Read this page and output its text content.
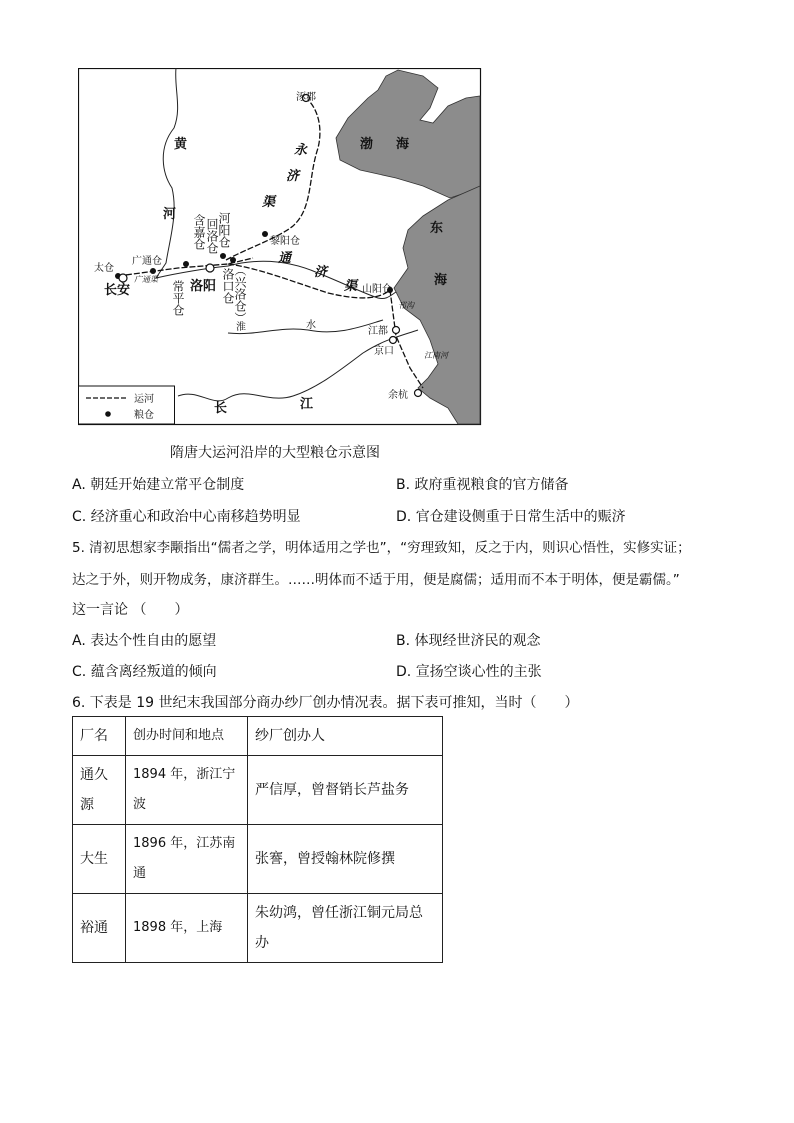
黄
河
渤 海
东
海
永
济
渠
通
济
渠
涿郡
黎阳仓
山阳仓
江都
京口
余杭
太仓
长安
广通仓
广通渠 洛阳
淮	水
长	江
邗沟
江南河
常平仓
含嘉仓 回洛仓
河阳仓
洛口仓
（兴洛仓）
运河
粮仓
隋唐大运河沿岸的大型粮仓示意图
A. 朝廷开始建立常平仓制度	B. 政府重视粮食的官方储备
C. 经济重心和政治中心南移趋势明显	D. 官仓建设侧重于日常生活中的赈济
5. 清初思想家李颙指出“儒者之学，明体适用之学也”，“穷理致知，反之于内，则识心悟性，实修实证；
达之于外，则开物成务，康济群生。……明体而不适于用，便是腐儒；适用而不本于明体，便是霸儒。”
这一言论 （　　）
A. 表达个性自由的愿望	B. 体现经世济民的观念
C. 蕴含离经叛道的倾向	D. 宣扬空谈心性的主张
6. 下表是 19 世纪末我国部分商办纱厂创办情况表。据下表可推知，当时（　　）
厂名	创办时间和地点	纱厂创办人
通久源	1894 年，浙江宁波	严信厚，曾督销长芦盐务
大生	1896 年，江苏南通	张謇，曾授翰林院修撰
裕通	1898 年，上海	朱幼鸿，曾任浙江铜元局总办
